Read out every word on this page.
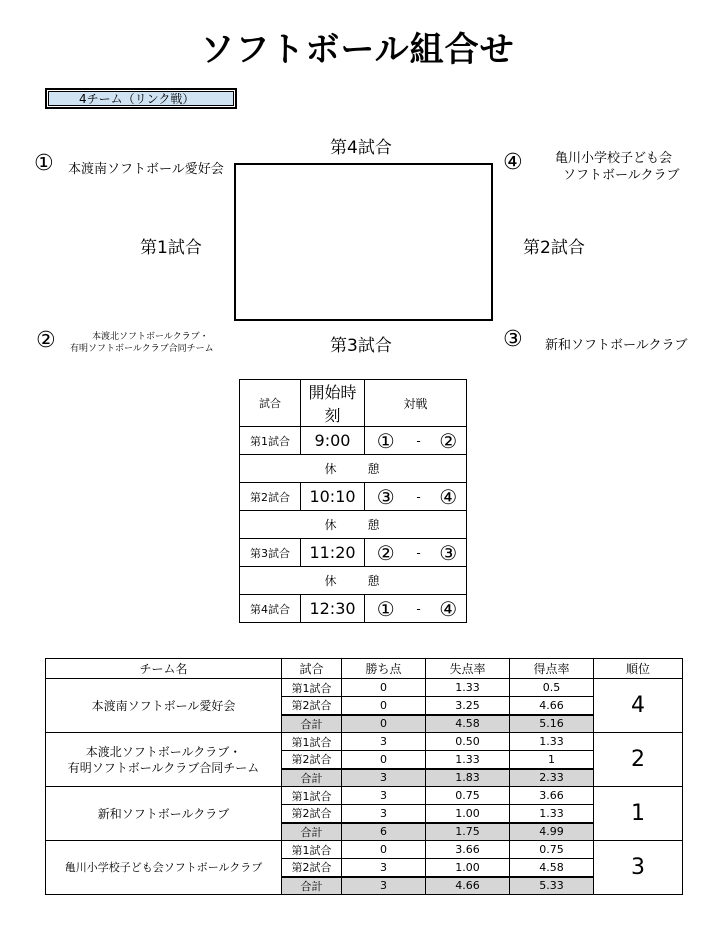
ソフトボール組合せ
4チーム（リンク戦）
第4試合
第1試合	第2試合
第3試合
① 本渡南ソフトボール愛好会	④ 亀川小学校子ども会
ソフトボールクラブ
②	本渡北ソフトボールクラブ・
有明ソフトボールクラブ合同チーム	③ 新和ソフトボールクラブ
試合	開始時刻	対戦		
第1試合	9:00	①	-	②
休 憩				
第2試合	10:10	③	-	④
休 憩				
第3試合	11:20	②	-	③
休 憩				
第4試合	12:30	①	-	④
チーム名	試合	勝ち点	失点率	得点率	順位
本渡南ソフトボール愛好会	第1試合	0	1.33	0.5	4
	第2試合	0	3.25	4.66	
	合計	0	4.58	5.16	
本渡北ソフトボールクラブ・
有明ソフトボールクラブ合同チーム	第1試合	3	0.50	1.33	2
	第2試合	0	1.33	1	
	合計	3	1.83	2.33	
新和ソフトボールクラブ	第1試合	3	0.75	3.66	1
	第2試合	3	1.00	1.33	
	合計	6	1.75	4.99	
亀川小学校子ども会ソフトボールクラブ	第1試合	0	3.66	0.75	3
	第2試合	3	1.00	4.58	
	合計	3	4.66	5.33	
